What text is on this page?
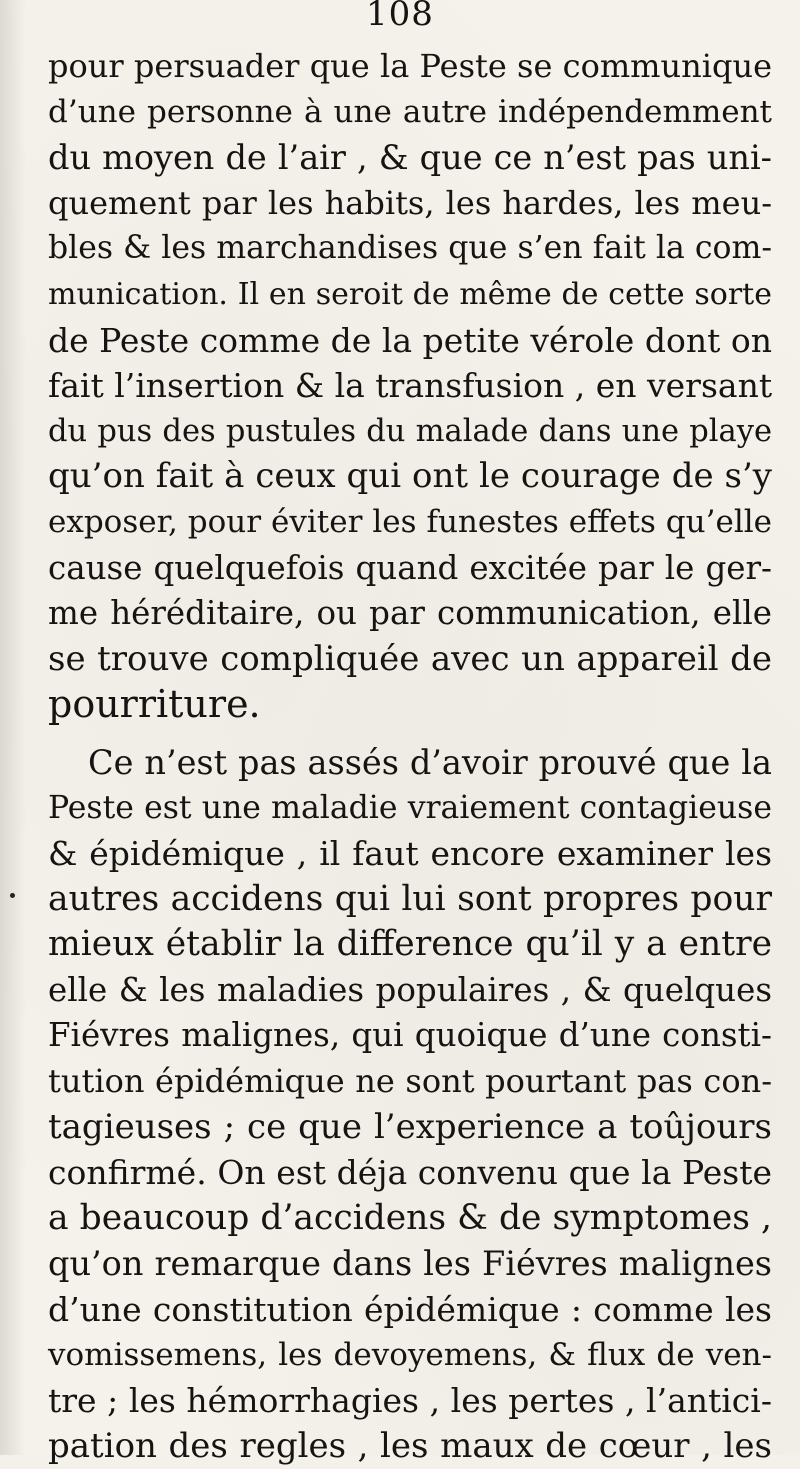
108
pour persuader que la Peste se communique
d’une personne à une autre indépendemment
du moyen de l’air , & que ce n’est pas uni-
quement par les habits, les hardes, les meu-
bles & les marchandises que s’en fait la com-
munication. Il en seroit de même de cette sorte
de Peste comme de la petite vérole dont on
fait l’insertion & la transfusion , en versant
du pus des pustules du malade dans une playe
qu’on fait à ceux qui ont le courage de s’y
exposer, pour éviter les funestes effets qu’elle
cause quelquefois quand excitée par le ger-
me héréditaire, ou par communication, elle
se trouve compliquée avec un appareil de
pourriture.
Ce n’est pas assés d’avoir prouvé que la
Peste est une maladie vraiement contagieuse
& épidémique , il faut encore examiner les
autres accidens qui lui sont propres pour
mieux établir la difference qu’il y a entre
elle & les maladies populaires , & quelques
Fiévres malignes, qui quoique d’une consti-
tution épidémique ne sont pourtant pas con-
tagieuses ; ce que l’experience a toûjours
confirmé. On est déja convenu que la Peste
a beaucoup d’accidens & de symptomes ,
qu’on remarque dans les Fiévres malignes
d’une constitution épidémique : comme les
vomissemens, les devoyemens, & flux de ven-
tre ; les hémorrhagies , les pertes , l’antici-
pation des regles , les maux de cœur , les
